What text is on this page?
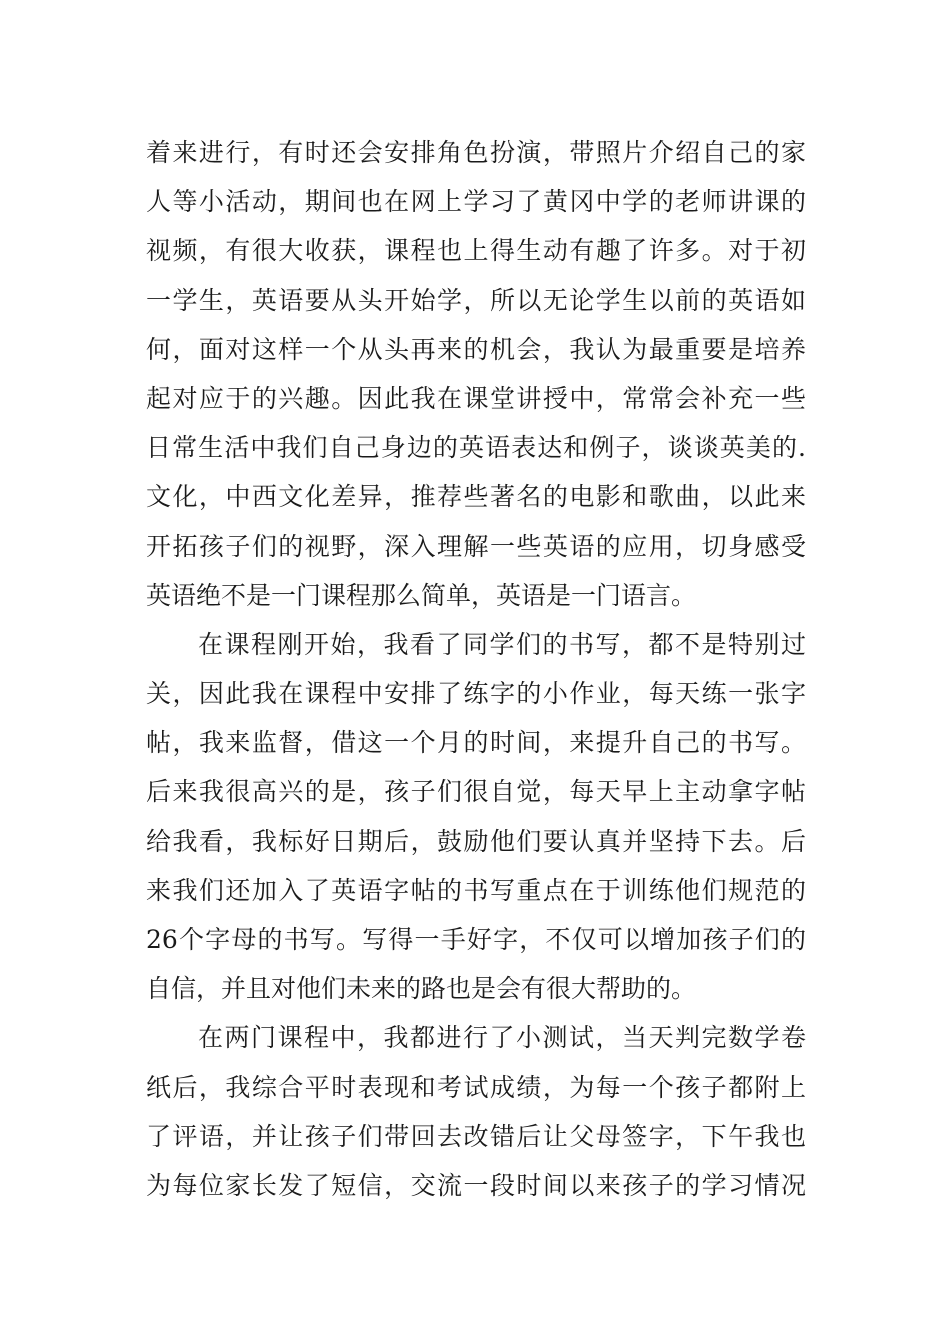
着来进行，有时还会安排角色扮演，带照片介绍自己的家
人等小活动，期间也在网上学习了黄冈中学的老师讲课的
视频，有很大收获，课程也上得生动有趣了许多。对于初
一学生，英语要从头开始学，所以无论学生以前的英语如
何，面对这样一个从头再来的机会，我认为最重要是培养
起对应于的兴趣。因此我在课堂讲授中，常常会补充一些
日常生活中我们自己身边的英语表达和例子，谈谈英美的.
文化，中西文化差异，推荐些著名的电影和歌曲，以此来
开拓孩子们的视野，深入理解一些英语的应用，切身感受
英语绝不是一门课程那么简单，英语是一门语言。
在课程刚开始，我看了同学们的书写，都不是特别过
关，因此我在课程中安排了练字的小作业，每天练一张字
帖，我来监督，借这一个月的时间，来提升自己的书写。
后来我很高兴的是，孩子们很自觉，每天早上主动拿字帖
给我看，我标好日期后，鼓励他们要认真并坚持下去。后
来我们还加入了英语字帖的书写重点在于训练他们规范的
26个字母的书写。写得一手好字，不仅可以增加孩子们的
自信，并且对他们未来的路也是会有很大帮助的。
在两门课程中，我都进行了小测试，当天判完数学卷
纸后，我综合平时表现和考试成绩，为每一个孩子都附上
了评语，并让孩子们带回去改错后让父母签字，下午我也
为每位家长发了短信，交流一段时间以来孩子的学习情况
